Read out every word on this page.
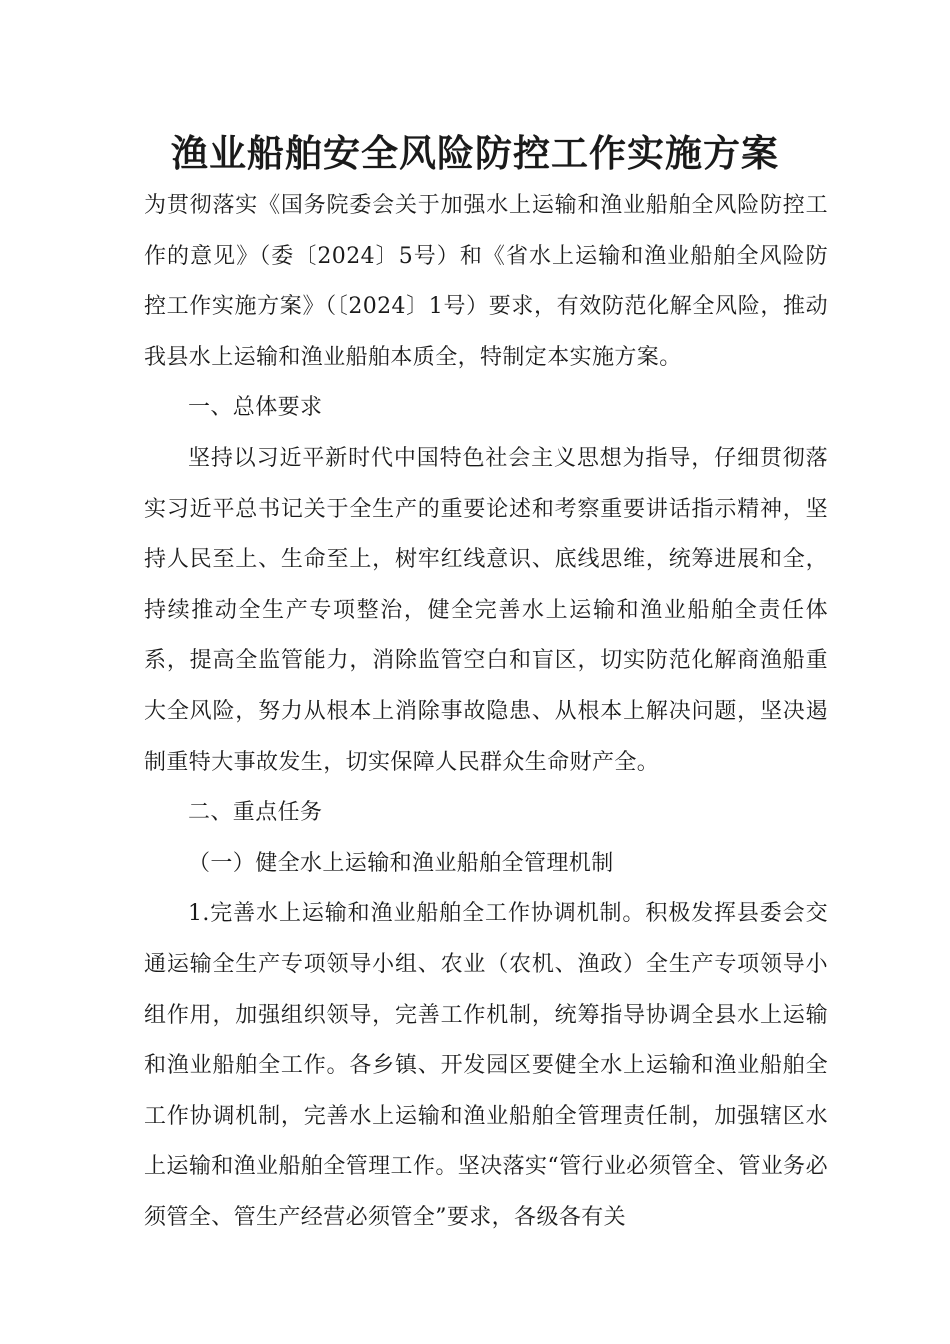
渔业船舶安全风险防控工作实施方案

为贯彻落实《国务院委会关于加强水上运输和渔业船舶全风险防控工作的意见》（委〔2024〕5号）和《省水上运输和渔业船舶全风险防控工作实施方案》（〔2024〕1号）要求，有效防范化解全风险，推动我县水上运输和渔业船舶本质全，特制定本实施方案。

一、总体要求

坚持以习近平新时代中国特色社会主义思想为指导，仔细贯彻落实习近平总书记关于全生产的重要论述和考察重要讲话指示精神，坚持人民至上、生命至上，树牢红线意识、底线思维，统筹进展和全，持续推动全生产专项整治，健全完善水上运输和渔业船舶全责任体系，提高全监管能力，消除监管空白和盲区，切实防范化解商渔船重大全风险，努力从根本上消除事故隐患、从根本上解决问题，坚决遏制重特大事故发生，切实保障人民群众生命财产全。

二、重点任务

（一）健全水上运输和渔业船舶全管理机制

1.完善水上运输和渔业船舶全工作协调机制。积极发挥县委会交通运输全生产专项领导小组、农业（农机、渔政）全生产专项领导小组作用，加强组织领导，完善工作机制，统筹指导协调全县水上运输和渔业船舶全工作。各乡镇、开发园区要健全水上运输和渔业船舶全工作协调机制，完善水上运输和渔业船舶全管理责任制，加强辖区水上运输和渔业船舶全管理工作。坚决落实“管行业必须管全、管业务必须管全、管生产经营必须管全”要求，各级各有关
